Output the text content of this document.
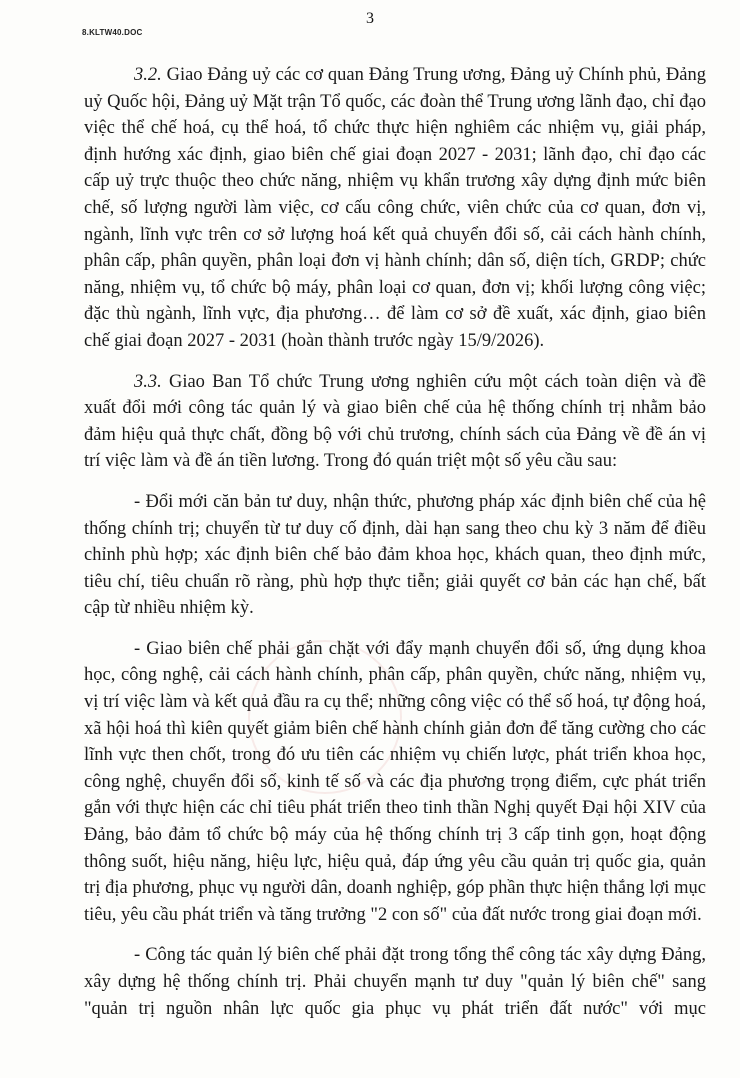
8.KLTW40.DOC
3

3.2. Giao Đảng uỷ các cơ quan Đảng Trung ương, Đảng uỷ Chính phủ, Đảng uỷ Quốc hội, Đảng uỷ Mặt trận Tổ quốc, các đoàn thể Trung ương lãnh đạo, chỉ đạo việc thể chế hoá, cụ thể hoá, tổ chức thực hiện nghiêm các nhiệm vụ, giải pháp, định hướng xác định, giao biên chế giai đoạn 2027 - 2031; lãnh đạo, chỉ đạo các cấp uỷ trực thuộc theo chức năng, nhiệm vụ khẩn trương xây dựng định mức biên chế, số lượng người làm việc, cơ cấu công chức, viên chức của cơ quan, đơn vị, ngành, lĩnh vực trên cơ sở lượng hoá kết quả chuyển đổi số, cải cách hành chính, phân cấp, phân quyền, phân loại đơn vị hành chính; dân số, diện tích, GRDP; chức năng, nhiệm vụ, tổ chức bộ máy, phân loại cơ quan, đơn vị; khối lượng công việc; đặc thù ngành, lĩnh vực, địa phương… để làm cơ sở đề xuất, xác định, giao biên chế giai đoạn 2027 - 2031 (hoàn thành trước ngày 15/9/2026).

3.3. Giao Ban Tổ chức Trung ương nghiên cứu một cách toàn diện và đề xuất đổi mới công tác quản lý và giao biên chế của hệ thống chính trị nhằm bảo đảm hiệu quả thực chất, đồng bộ với chủ trương, chính sách của Đảng về đề án vị trí việc làm và đề án tiền lương. Trong đó quán triệt một số yêu cầu sau:

- Đổi mới căn bản tư duy, nhận thức, phương pháp xác định biên chế của hệ thống chính trị; chuyển từ tư duy cố định, dài hạn sang theo chu kỳ 3 năm để điều chỉnh phù hợp; xác định biên chế bảo đảm khoa học, khách quan, theo định mức, tiêu chí, tiêu chuẩn rõ ràng, phù hợp thực tiễn; giải quyết cơ bản các hạn chế, bất cập từ nhiều nhiệm kỳ.

- Giao biên chế phải gắn chặt với đẩy mạnh chuyển đổi số, ứng dụng khoa học, công nghệ, cải cách hành chính, phân cấp, phân quyền, chức năng, nhiệm vụ, vị trí việc làm và kết quả đầu ra cụ thể; những công việc có thể số hoá, tự động hoá, xã hội hoá thì kiên quyết giảm biên chế hành chính giản đơn để tăng cường cho các lĩnh vực then chốt, trong đó ưu tiên các nhiệm vụ chiến lược, phát triển khoa học, công nghệ, chuyển đổi số, kinh tế số và các địa phương trọng điểm, cực phát triển gắn với thực hiện các chỉ tiêu phát triển theo tinh thần Nghị quyết Đại hội XIV của Đảng, bảo đảm tổ chức bộ máy của hệ thống chính trị 3 cấp tinh gọn, hoạt động thông suốt, hiệu năng, hiệu lực, hiệu quả, đáp ứng yêu cầu quản trị quốc gia, quản trị địa phương, phục vụ người dân, doanh nghiệp, góp phần thực hiện thắng lợi mục tiêu, yêu cầu phát triển và tăng trưởng "2 con số" của đất nước trong giai đoạn mới.

- Công tác quản lý biên chế phải đặt trong tổng thể công tác xây dựng Đảng, xây dựng hệ thống chính trị. Phải chuyển mạnh tư duy "quản lý biên chế" sang "quản trị nguồn nhân lực quốc gia phục vụ phát triển đất nước" với mục
